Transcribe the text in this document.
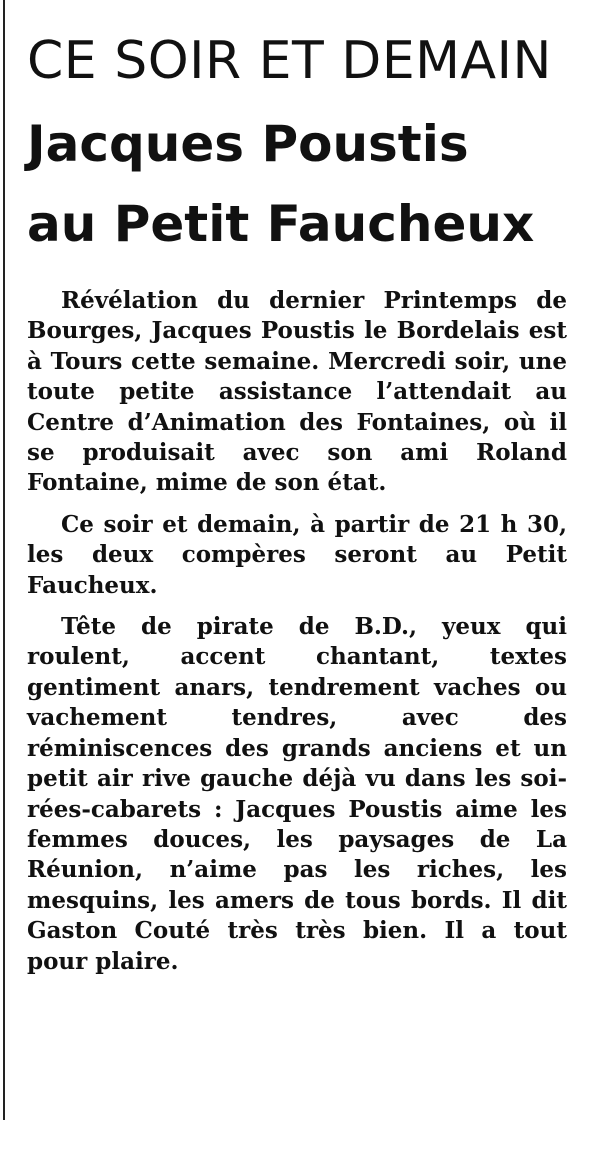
CE SOIR ET DEMAIN
Jacques Poustis
au Petit Faucheux

Révélation du dernier Printemps de Bourges, Jacques Poustis le Bordelais est à Tours cette semaine. Mercredi soir, une toute petite assistance l’attendait au Centre d’Animation des Fontaines, où il se produisait avec son ami Roland Fontaine, mime de son état.

Ce soir et demain, à partir de 21 h 30, les deux compères seront au Petit Faucheux.

Tête de pirate de B.D., yeux qui roulent, accent chantant, textes gentiment anars, tendrement vaches ou vachement tendres, avec des réminiscences des grands anciens et un petit air rive gauche déjà vu dans les soirées-cabarets : Jacques Poustis aime les femmes douces, les paysages de La Réunion, n’aime pas les riches, les mesquins, les amers de tous bords. Il dit Gaston Couté très très bien. Il a tout pour plaire.
